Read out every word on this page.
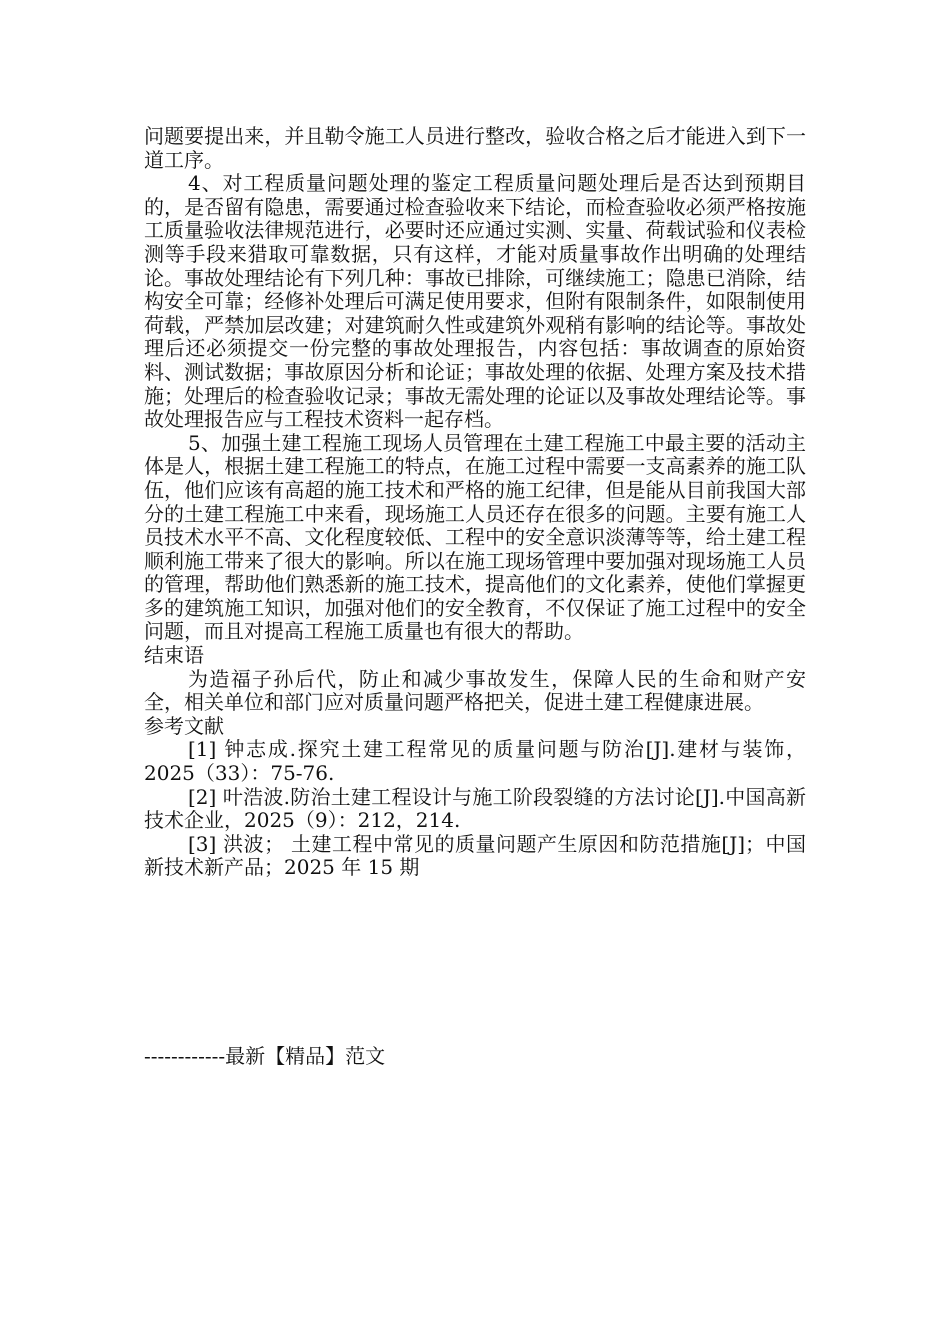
问题要提出来，并且勒令施工人员进行整改，验收合格之后才能进入到下一道工序。

4、对工程质量问题处理的鉴定工程质量问题处理后是否达到预期目的，是否留有隐患，需要通过检查验收来下结论，而检查验收必须严格按施工质量验收法律规范进行，必要时还应通过实测、实量、荷载试验和仪表检测等手段来猎取可靠数据，只有这样，才能对质量事故作出明确的处理结论。事故处理结论有下列几种：事故已排除，可继续施工；隐患已消除，结构安全可靠；经修补处理后可满足使用要求，但附有限制条件，如限制使用荷载，严禁加层改建；对建筑耐久性或建筑外观稍有影响的结论等。事故处理后还必须提交一份完整的事故处理报告，内容包括：事故调查的原始资料、测试数据；事故原因分析和论证；事故处理的依据、处理方案及技术措施；处理后的检查验收记录；事故无需处理的论证以及事故处理结论等。事故处理报告应与工程技术资料一起存档。

5、加强土建工程施工现场人员管理在土建工程施工中最主要的活动主体是人，根据土建工程施工的特点，在施工过程中需要一支高素养的施工队伍，他们应该有高超的施工技术和严格的施工纪律，但是能从目前我国大部分的土建工程施工中来看，现场施工人员还存在很多的问题。主要有施工人员技术水平不高、文化程度较低、工程中的安全意识淡薄等等，给土建工程顺利施工带来了很大的影响。所以在施工现场管理中要加强对现场施工人员的管理，帮助他们熟悉新的施工技术，提高他们的文化素养，使他们掌握更多的建筑施工知识，加强对他们的安全教育，不仅保证了施工过程中的安全问题，而且对提高工程施工质量也有很大的帮助。

结束语

为造福子孙后代，防止和减少事故发生，保障人民的生命和财产安全，相关单位和部门应对质量问题严格把关，促进土建工程健康进展。

参考文献

[1] 钟志成.探究土建工程常见的质量问题与防治[J].建材与装饰，2025（33）：75-76.

[2] 叶浩波.防治土建工程设计与施工阶段裂缝的方法讨论[J].中国高新技术企业，2025（9）：212，214.

[3] 洪波； 土建工程中常见的质量问题产生原因和防范措施[J]；中国新技术新产品；2025 年 15 期

------------最新【精品】范文
